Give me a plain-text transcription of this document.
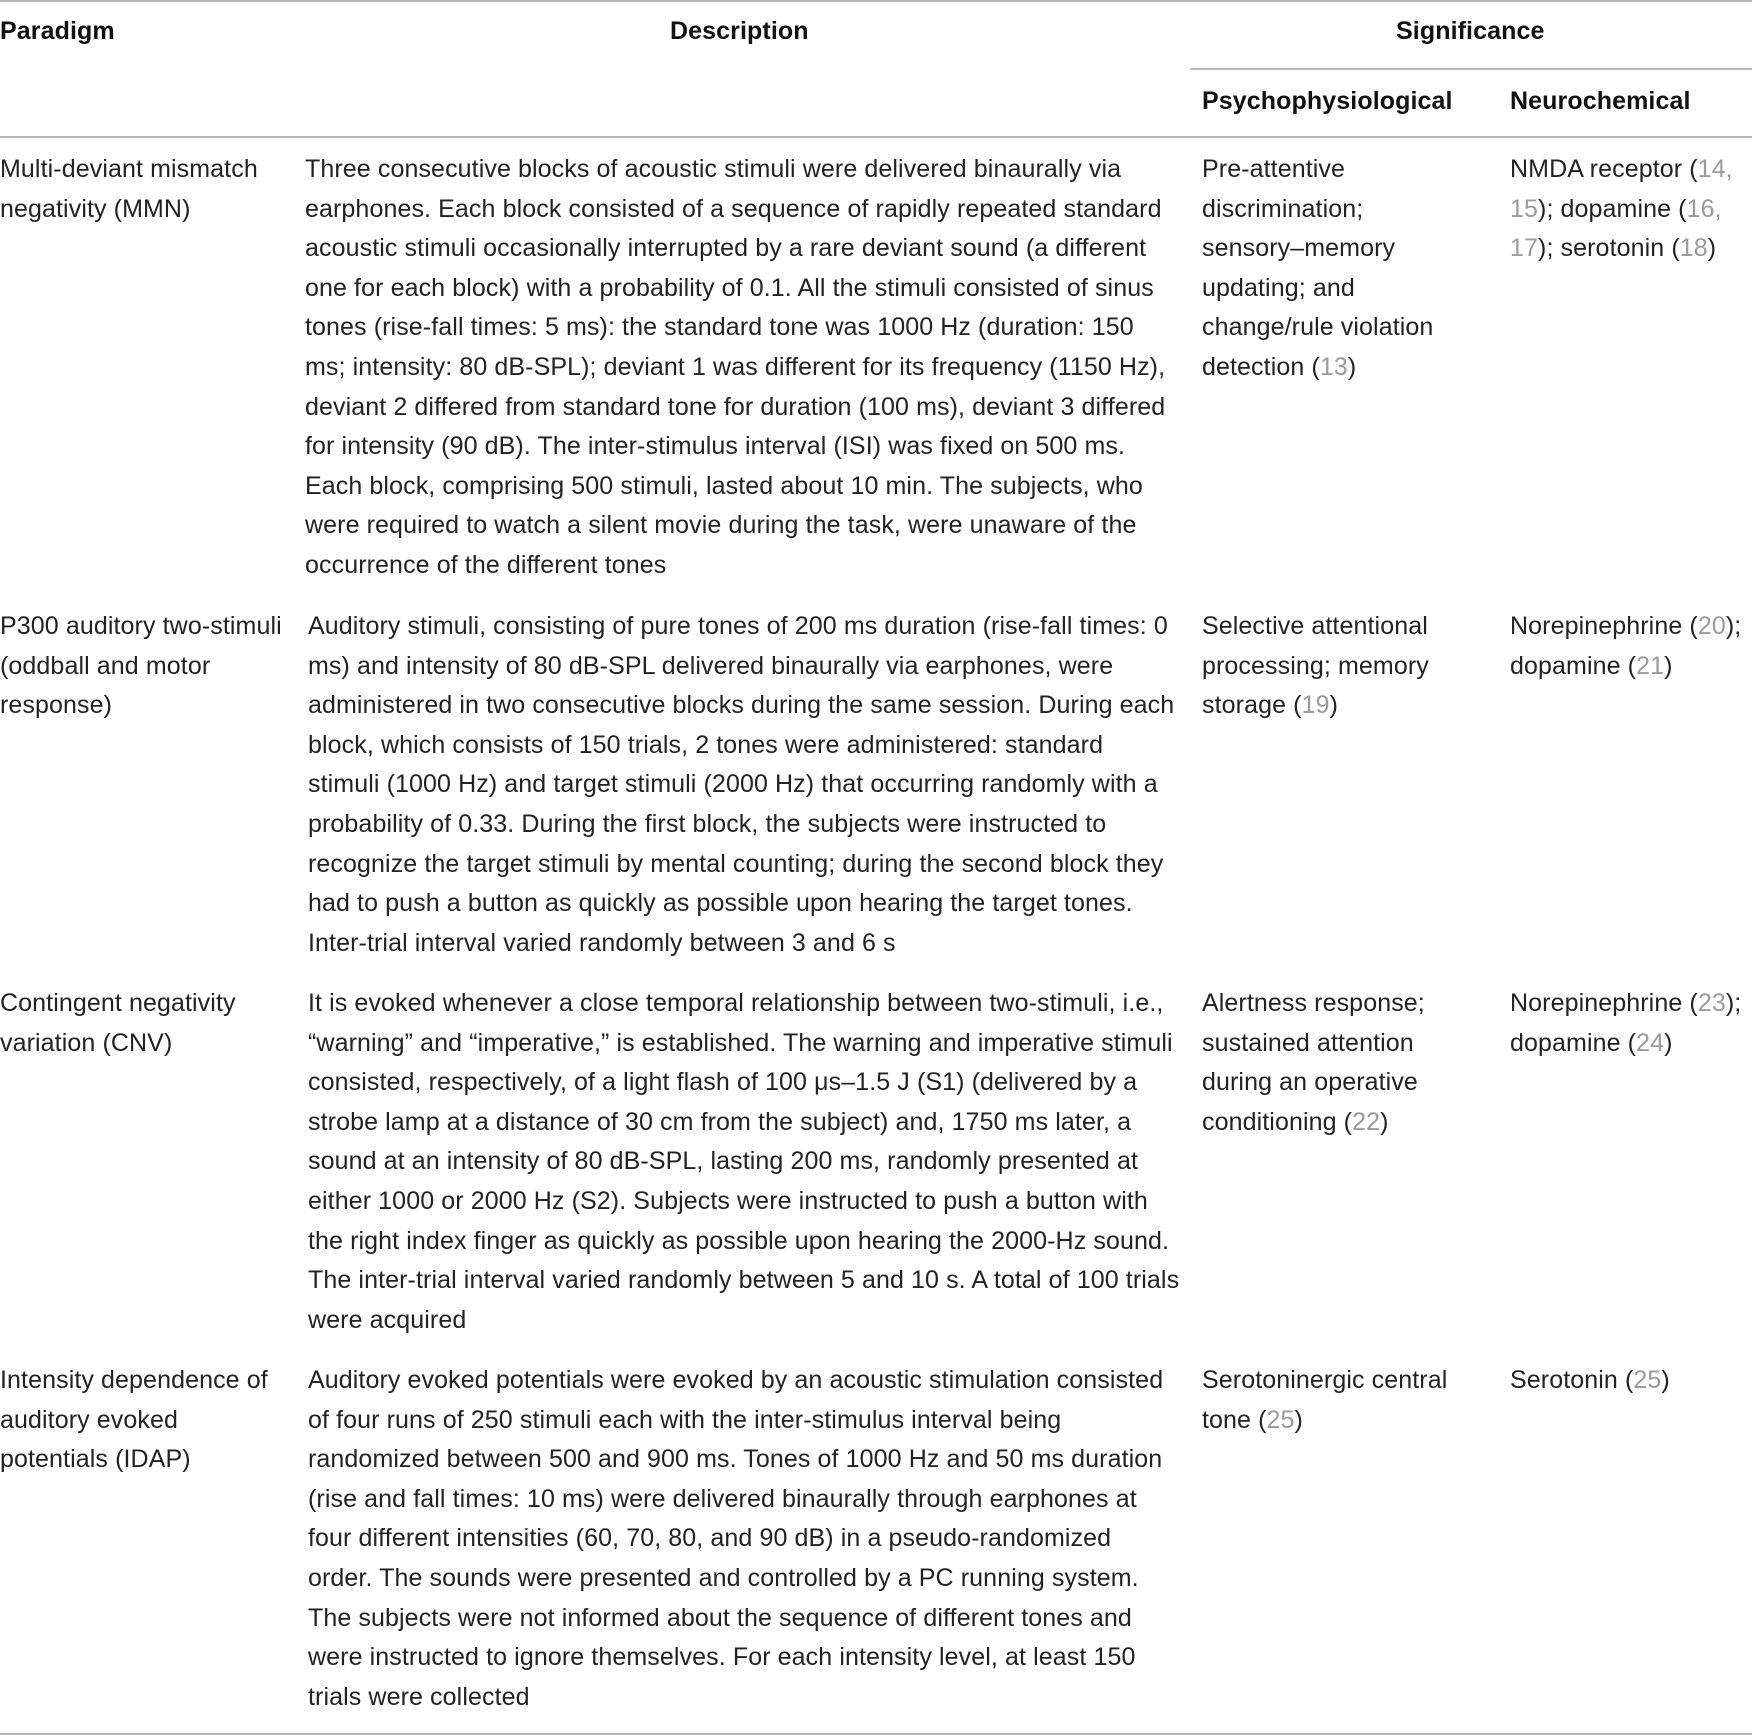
Paradigm	Description	Significance
Psychophysiological Neurochemical
Multi-deviant mismatch negativity (MMN)
Three consecutive blocks of acoustic stimuli were delivered binaurally via earphones. Each block consisted of a sequence of rapidly repeated standard acoustic stimuli occasionally interrupted by a rare deviant sound (a different one for each block) with a probability of 0.1. All the stimuli consisted of sinus tones (rise-fall times: 5 ms): the standard tone was 1000 Hz (duration: 150 ms; intensity: 80 dB-SPL); deviant 1 was different for its frequency (1150 Hz), deviant 2 differed from standard tone for duration (100 ms), deviant 3 differed for intensity (90 dB). The inter-stimulus interval (ISI) was fixed on 500 ms. Each block, comprising 500 stimuli, lasted about 10 min. The subjects, who were required to watch a silent movie during the task, were unaware of the occurrence of the different tones
Pre-attentive discrimination; sensory–memory updating; and change/rule violation detection (13)
NMDA receptor (14, 15); dopamine (16, 17); serotonin (18)
P300 auditory two-stimuli (oddball and motor response)
Auditory stimuli, consisting of pure tones of 200 ms duration (rise-fall times: 0 ms) and intensity of 80 dB-SPL delivered binaurally via earphones, were administered in two consecutive blocks during the same session. During each block, which consists of 150 trials, 2 tones were administered: standard stimuli (1000 Hz) and target stimuli (2000 Hz) that occurring randomly with a probability of 0.33. During the first block, the subjects were instructed to recognize the target stimuli by mental counting; during the second block they had to push a button as quickly as possible upon hearing the target tones. Inter-trial interval varied randomly between 3 and 6 s
Selective attentional processing; memory storage (19)
Norepinephrine (20); dopamine (21)
Contingent negativity variation (CNV)
It is evoked whenever a close temporal relationship between two-stimuli, i.e., “warning” and “imperative,” is established. The warning and imperative stimuli consisted, respectively, of a light flash of 100 μs–1.5 J (S1) (delivered by a strobe lamp at a distance of 30 cm from the subject) and, 1750 ms later, a sound at an intensity of 80 dB-SPL, lasting 200 ms, randomly presented at either 1000 or 2000 Hz (S2). Subjects were instructed to push a button with the right index finger as quickly as possible upon hearing the 2000-Hz sound. The inter-trial interval varied randomly between 5 and 10 s. A total of 100 trials were acquired
Alertness response; sustained attention during an operative conditioning (22)
Norepinephrine (23); dopamine (24)
Intensity dependence of auditory evoked potentials (IDAP)
Auditory evoked potentials were evoked by an acoustic stimulation consisted of four runs of 250 stimuli each with the inter-stimulus interval being randomized between 500 and 900 ms. Tones of 1000 Hz and 50 ms duration (rise and fall times: 10 ms) were delivered binaurally through earphones at four different intensities (60, 70, 80, and 90 dB) in a pseudo-randomized order. The sounds were presented and controlled by a PC running system. The subjects were not informed about the sequence of different tones and were instructed to ignore themselves. For each intensity level, at least 150 trials were collected
Serotoninergic central tone (25)
Serotonin (25)
